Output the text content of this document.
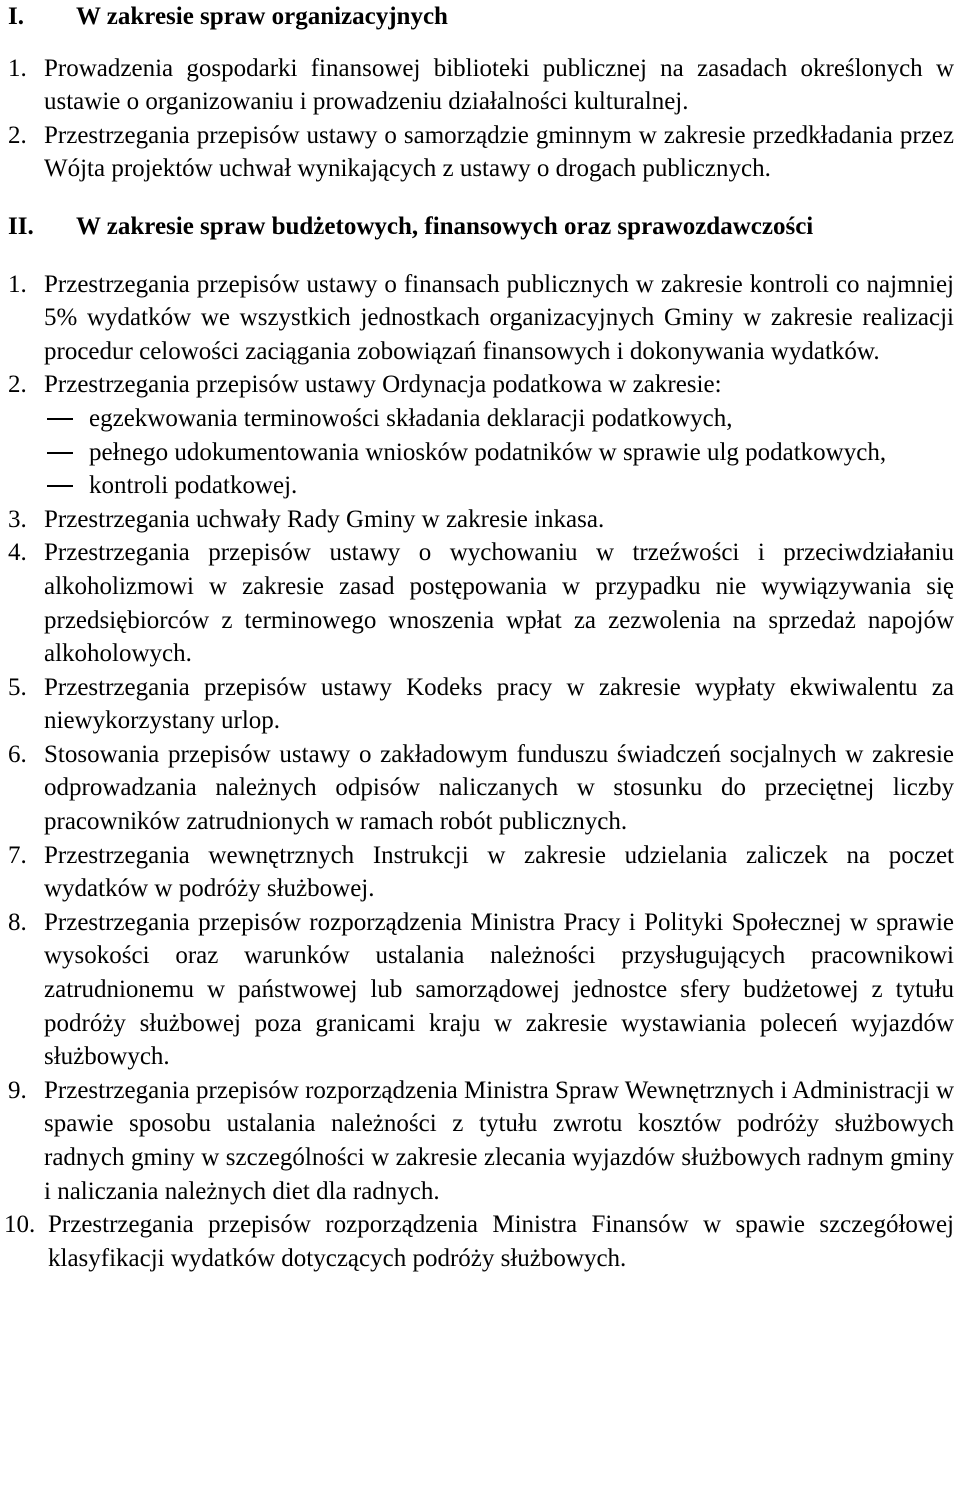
I.	W zakresie spraw organizacyjnych
1. Prowadzenia gospodarki finansowej biblioteki publicznej na zasadach określonych w ustawie o organizowaniu i prowadzeniu działalności kulturalnej.
2. Przestrzegania przepisów ustawy o samorządzie gminnym w zakresie przedkładania przez Wójta projektów uchwał wynikających z ustawy o drogach publicznych.
II.	W zakresie spraw budżetowych, finansowych oraz sprawozdawczości
1. Przestrzegania przepisów ustawy o finansach publicznych w zakresie kontroli co najmniej 5% wydatków we wszystkich jednostkach organizacyjnych Gminy w zakresie realizacji procedur celowości zaciągania zobowiązań finansowych i dokonywania wydatków.
2. Przestrzegania przepisów ustawy Ordynacja podatkowa w zakresie:
egzekwowania terminowości składania deklaracji podatkowych,
pełnego udokumentowania wniosków podatników w sprawie ulg podatkowych,
kontroli podatkowej.
3. Przestrzegania uchwały Rady Gminy w zakresie inkasa.
4. Przestrzegania przepisów ustawy o wychowaniu w trzeźwości i przeciwdziałaniu alkoholizmowi w zakresie zasad postępowania w przypadku nie wywiązywania się przedsiębiorców z terminowego wnoszenia wpłat za zezwolenia na sprzedaż napojów alkoholowych.
5. Przestrzegania przepisów ustawy Kodeks pracy w zakresie wypłaty ekwiwalentu za niewykorzystany urlop.
6. Stosowania przepisów ustawy o zakładowym funduszu świadczeń socjalnych w zakresie odprowadzania należnych odpisów naliczanych w stosunku do przeciętnej liczby pracowników zatrudnionych w ramach robót publicznych.
7. Przestrzegania wewnętrznych Instrukcji w zakresie udzielania zaliczek na poczet wydatków w podróży służbowej.
8. Przestrzegania przepisów rozporządzenia Ministra Pracy i Polityki Społecznej w sprawie wysokości oraz warunków ustalania należności przysługujących pracownikowi zatrudnionemu w państwowej lub samorządowej jednostce sfery budżetowej z tytułu podróży służbowej poza granicami kraju w zakresie wystawiania poleceń wyjazdów służbowych.
9. Przestrzegania przepisów rozporządzenia Ministra Spraw Wewnętrznych i Administracji w spawie sposobu ustalania należności z tytułu zwrotu kosztów podróży służbowych radnych gminy w szczególności w zakresie zlecania wyjazdów służbowych radnym gminy i naliczania należnych diet dla radnych.
10. Przestrzegania przepisów rozporządzenia Ministra Finansów w spawie szczegółowej klasyfikacji wydatków dotyczących podróży służbowych.
